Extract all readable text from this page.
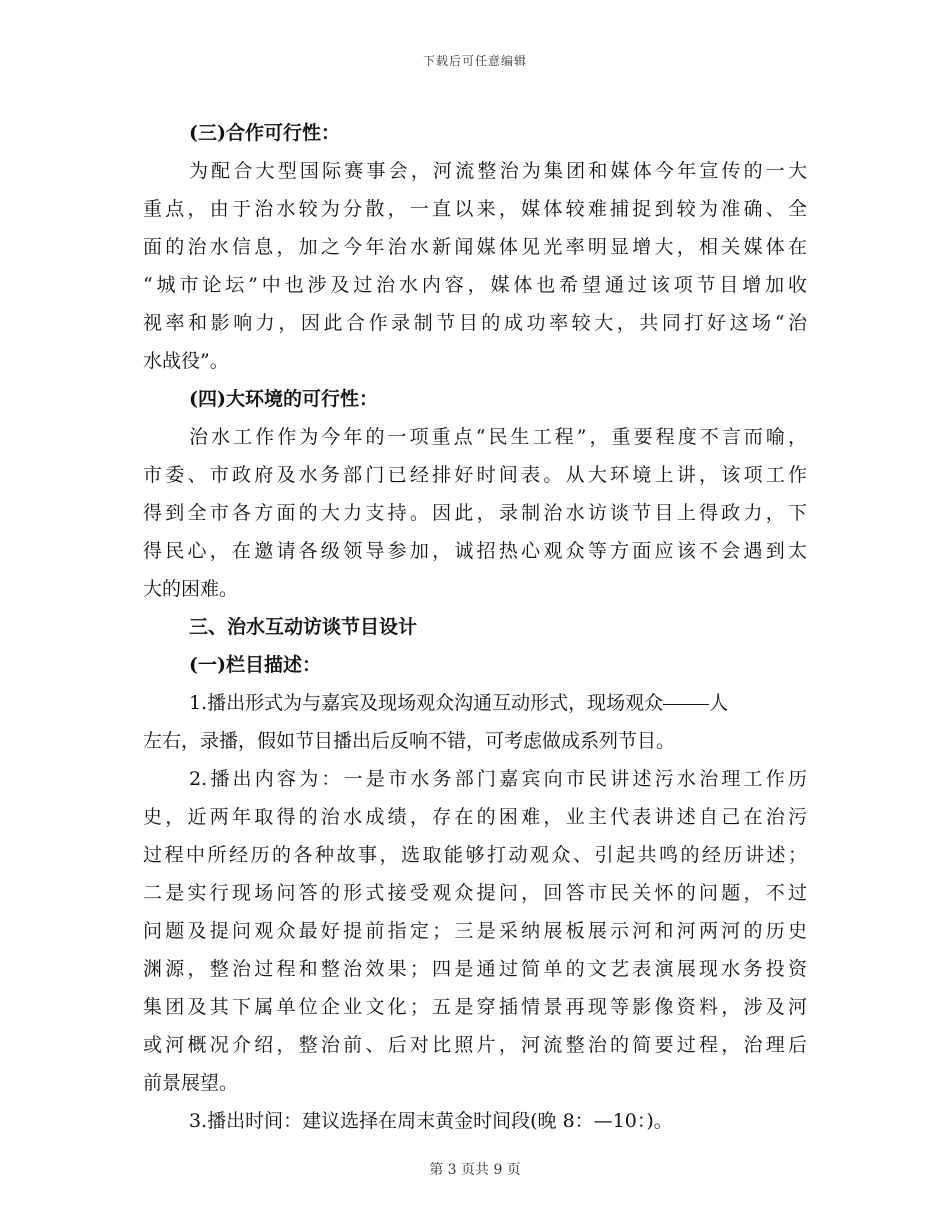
下载后可任意编辑
(三)合作可行性：
为配合大型国际赛事会，河流整治为集团和媒体今年宣传的一大
重点，由于治水较为分散，一直以来，媒体较难捕捉到较为准确、全
面的治水信息，加之今年治水新闻媒体见光率明显增大，相关媒体在
“城市论坛”中也涉及过治水内容，媒体也希望通过该项节目增加收
视率和影响力，因此合作录制节目的成功率较大，共同打好这场“治
水战役”。
(四)大环境的可行性：
治水工作作为今年的一项重点“民生工程”，重要程度不言而喻，
市委、市政府及水务部门已经排好时间表。从大环境上讲，该项工作
得到全市各方面的大力支持。因此，录制治水访谈节目上得政力，下
得民心，在邀请各级领导参加，诚招热心观众等方面应该不会遇到太
大的困难。
三、治水互动访谈节目设计
(一)栏目描述：
1.播出形式为与嘉宾及现场观众沟通互动形式，现场观众 人
左右，录播，假如节目播出后反响不错，可考虑做成系列节目。
2.播出内容为：一是市水务部门嘉宾向市民讲述污水治理工作历
史，近两年取得的治水成绩，存在的困难，业主代表讲述自己在治污
过程中所经历的各种故事，选取能够打动观众、引起共鸣的经历讲述；
二是实行现场问答的形式接受观众提问，回答市民关怀的问题，不过
问题及提问观众最好提前指定；三是采纳展板展示河和河两河的历史
渊源，整治过程和整治效果；四是通过简单的文艺表演展现水务投资
集团及其下属单位企业文化；五是穿插情景再现等影像资料，涉及河
或河概况介绍，整治前、后对比照片，河流整治的简要过程，治理后
前景展望。
3.播出时间：建议选择在周末黄金时间段(晚 8：—10：)。
第 3 页共 9 页
